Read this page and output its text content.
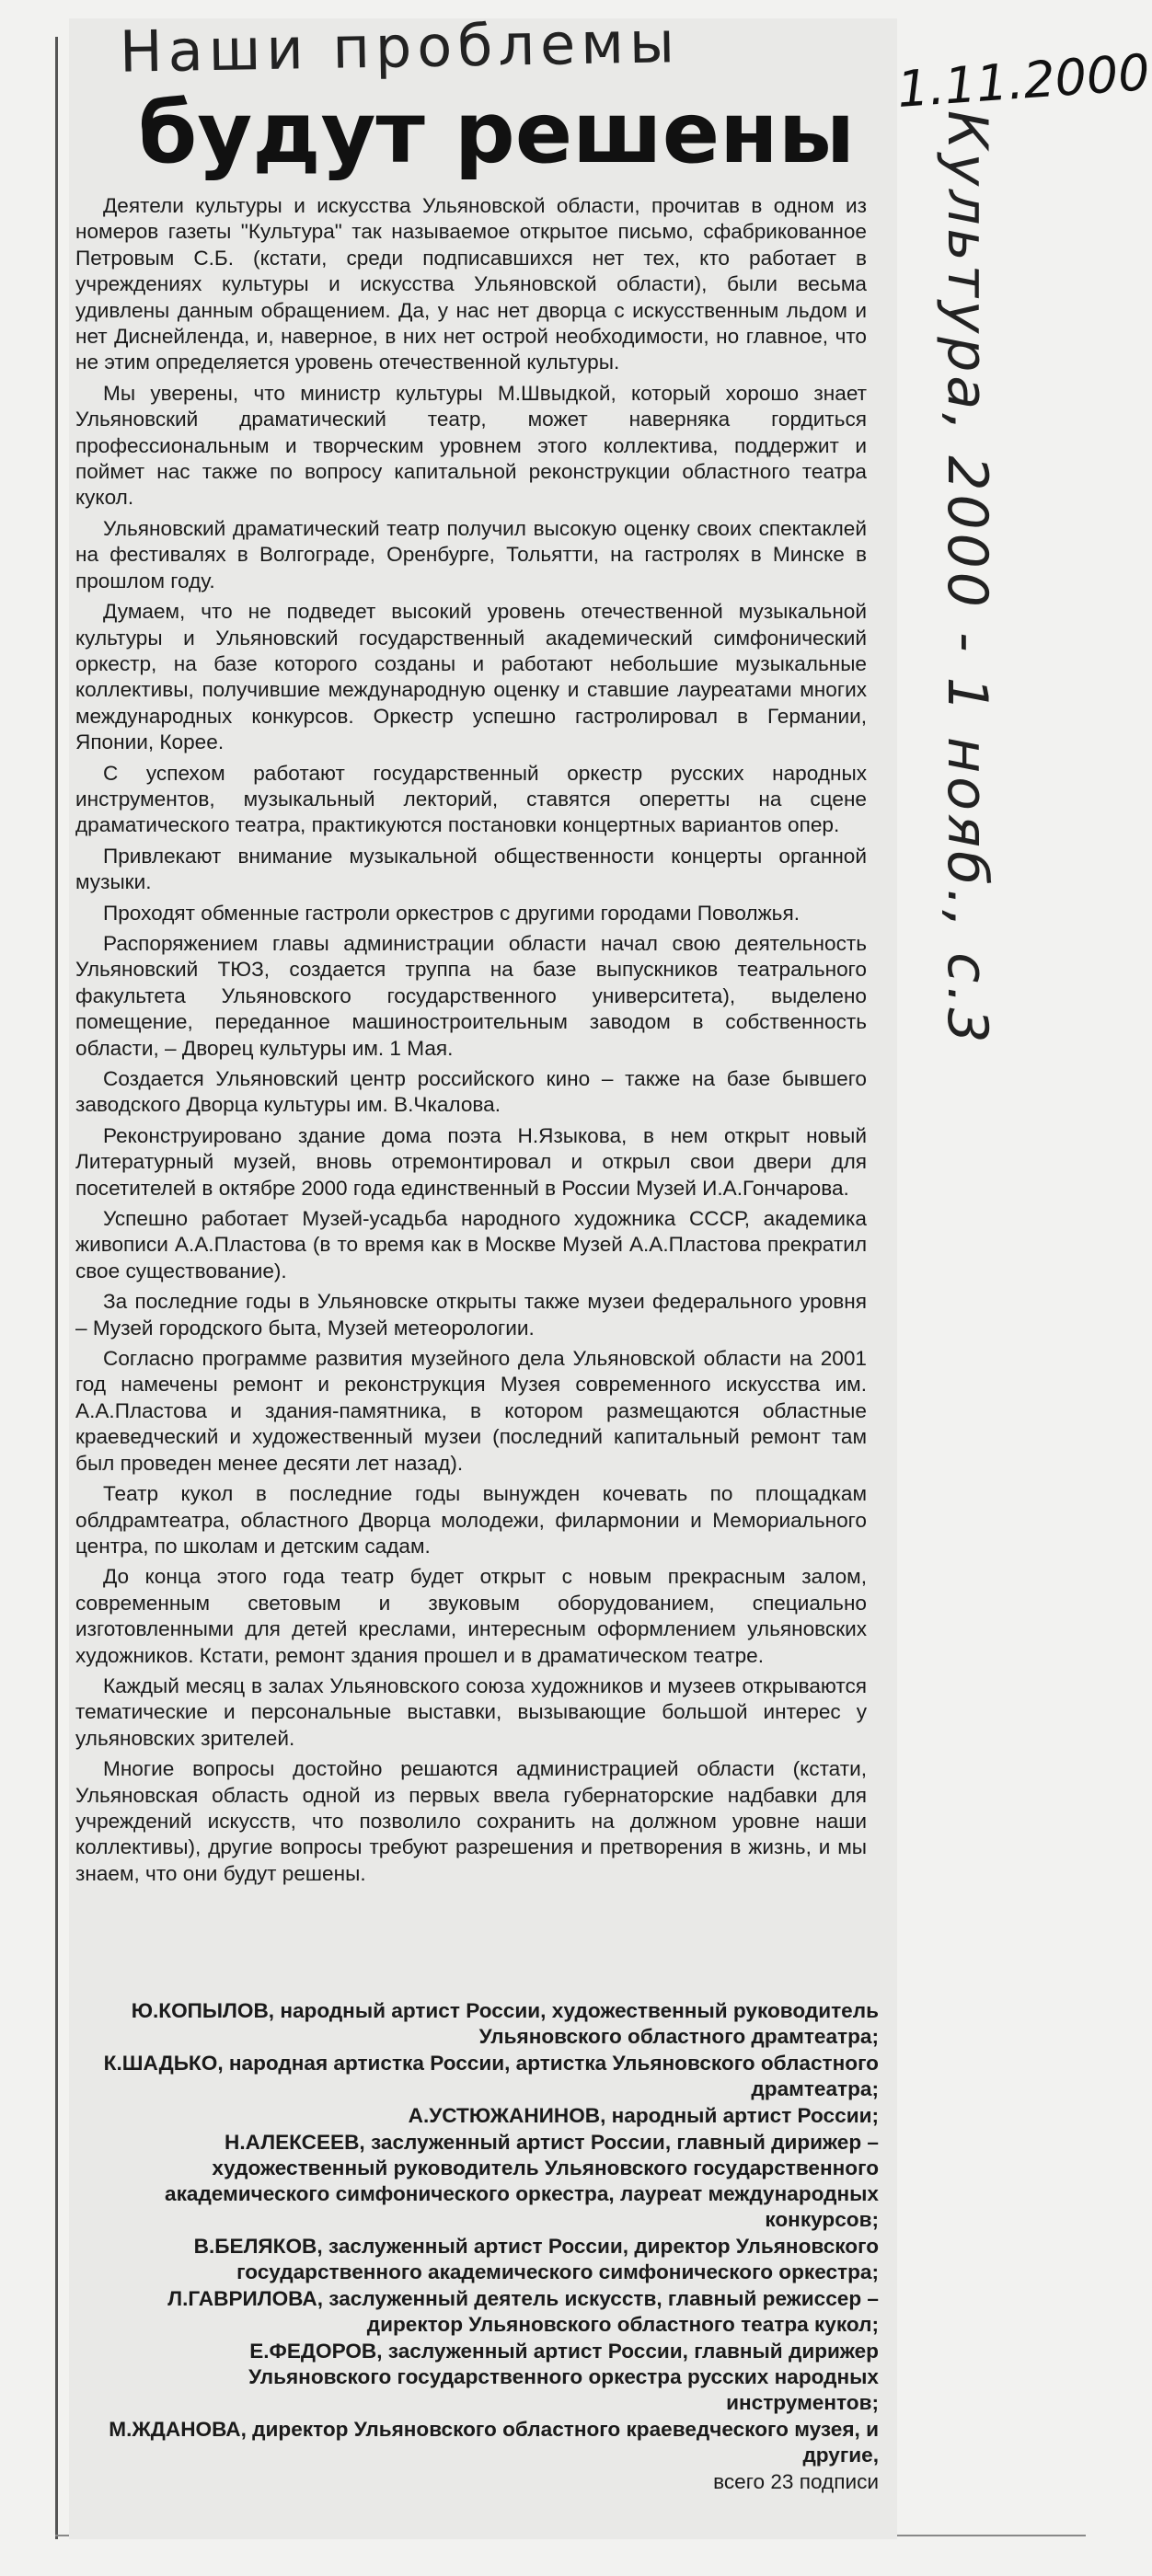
Наши проблемы	1.11.2000
Культура, 2000 - 1 нояб., с.3
будут решены

Деятели культуры и искусства Ульяновской области, прочитав в одном из номеров газеты "Культура" так называемое открытое письмо, сфабрикованное Петровым С.Б. (кстати, среди подписавшихся нет тех, кто работает в учреждениях культуры и искусства Ульяновской области), были весьма удивлены данным обращением. Да, у нас нет дворца с искусственным льдом и нет Диснейленда, и, наверное, в них нет острой необходимости, но главное, что не этим определяется уровень отечественной культуры.

Мы уверены, что министр культуры М.Швыдкой, который хорошо знает Ульяновский драматический театр, может наверняка гордиться профессиональным и творческим уровнем этого коллектива, поддержит и поймет нас также по вопросу капитальной реконструкции областного театра кукол.

Ульяновский драматический театр получил высокую оценку своих спектаклей на фестивалях в Волгограде, Оренбурге, Тольятти, на гастролях в Минске в прошлом году.

Думаем, что не подведет высокий уровень отечественной музыкальной культуры и Ульяновский государственный академический симфонический оркестр, на базе которого созданы и работают небольшие музыкальные коллективы, получившие международную оценку и ставшие лауреатами многих международных конкурсов. Оркестр успешно гастролировал в Германии, Японии, Корее.

С успехом работают государственный оркестр русских народных инструментов, музыкальный лекторий, ставятся оперетты на сцене драматического театра, практикуются постановки концертных вариантов опер.

Привлекают внимание музыкальной общественности концерты органной музыки.

Проходят обменные гастроли оркестров с другими городами Поволжья.

Распоряжением главы администрации области начал свою деятельность Ульяновский ТЮЗ, создается труппа на базе выпускников театрального факультета Ульяновского государственного университета), выделено помещение, переданное машиностроительным заводом в собственность области, – Дворец культуры им. 1 Мая.

Создается Ульяновский центр российского кино – также на базе бывшего заводского Дворца культуры им. В.Чкалова.

Реконструировано здание дома поэта Н.Языкова, в нем открыт новый Литературный музей, вновь отремонтировал и открыл свои двери для посетителей в октябре 2000 года единственный в России Музей И.А.Гончарова.

Успешно работает Музей-усадьба народного художника СССР, академика живописи А.А.Пластова (в то время как в Москве Музей А.А.Пластова прекратил свое существование).

За последние годы в Ульяновске открыты также музеи федерального уровня – Музей городского быта, Музей метеорологии.

Согласно программе развития музейного дела Ульяновской области на 2001 год намечены ремонт и реконструкция Музея современного искусства им. А.А.Пластова и здания-памятника, в котором размещаются областные краеведческий и художественный музеи (последний капитальный ремонт там был проведен менее десяти лет назад).

Театр кукол в последние годы вынужден кочевать по площадкам облдрамтеатра, областного Дворца молодежи, филармонии и Мемориального центра, по школам и детским садам.

До конца этого года театр будет открыт с новым прекрасным залом, современным световым и звуковым оборудованием, специально изготовленными для детей креслами, интересным оформлением ульяновских художников. Кстати, ремонт здания прошел и в драматическом театре.

Каждый месяц в залах Ульяновского союза художников и музеев открываются тематические и персональные выставки, вызывающие большой интерес у ульяновских зрителей.

Многие вопросы достойно решаются администрацией области (кстати, Ульяновская область одной из первых ввела губернаторские надбавки для учреждений искусств, что позволило сохранить на должном уровне наши коллективы), другие вопросы требуют разрешения и претворения в жизнь, и мы знаем, что они будут решены.

Ю.КОПЫЛОВ, народный артист России, художественный руководитель Ульяновского областного драмтеатра;
К.ШАДЬКО, народная артистка России, артистка Ульяновского областного драмтеатра;
А.УСТЮЖАНИНОВ, народный артист России;
Н.АЛЕКСЕЕВ, заслуженный артист России, главный дирижер – художественный руководитель Ульяновского государственного академического симфонического оркестра, лауреат международных конкурсов;
В.БЕЛЯКОВ, заслуженный артист России, директор Ульяновского государственного академического симфонического оркестра;
Л.ГАВРИЛОВА, заслуженный деятель искусств, главный режиссер – директор Ульяновского областного театра кукол;
Е.ФЕДОРОВ, заслуженный артист России, главный дирижер Ульяновского государственного оркестра русских народных инструментов;
М.ЖДАНОВА, директор Ульяновского областного краеведческого музея, и другие,
всего 23 подписи
